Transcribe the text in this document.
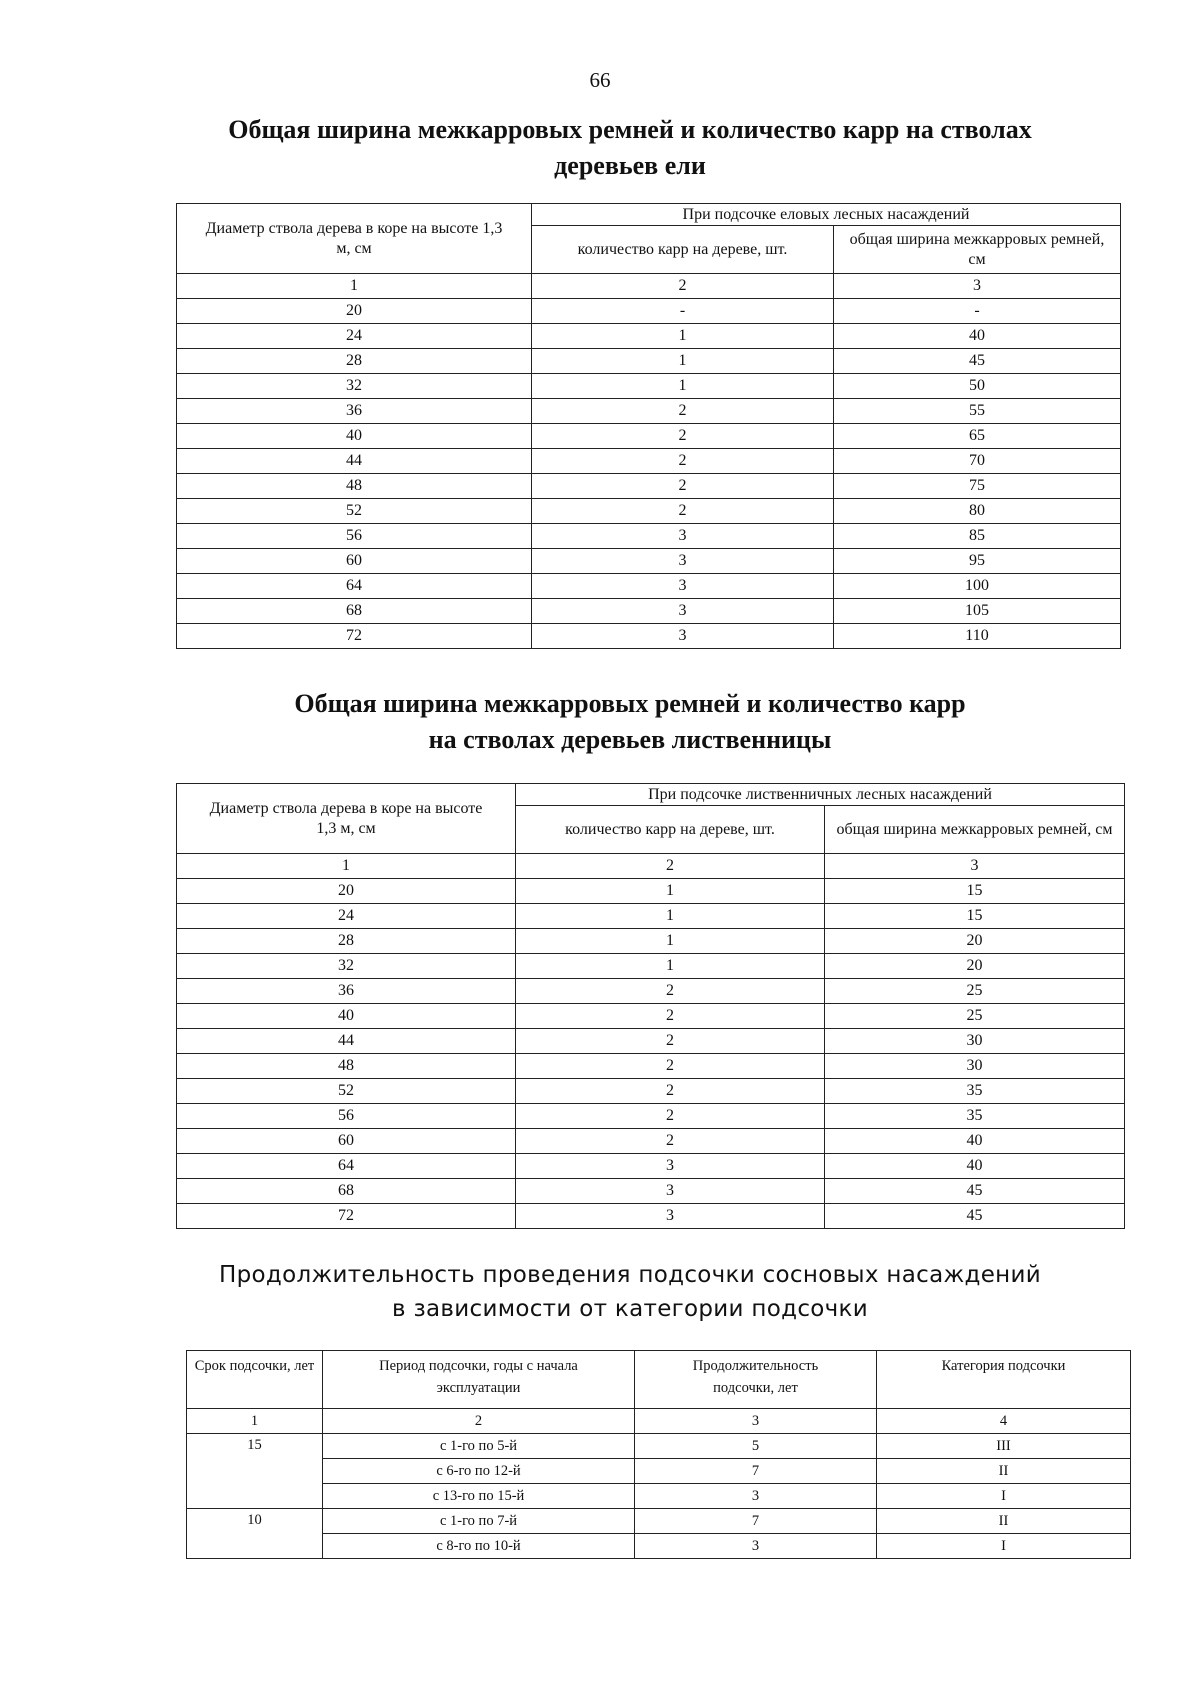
66
Общая ширина межкарровых ремней и количество карр на стволах
деревьев ели
Диаметр ствола дерева в коре на высоте 1,3 м, см	При подсочке еловых лесных насаждений	
	количество карр на дереве, шт.	общая ширина межкарровых ремней, см
1	2	3
20	-	-
24	1	40
28	1	45
32	1	50
36	2	55
40	2	65
44	2	70
48	2	75
52	2	80
56	3	85
60	3	95
64	3	100
68	3	105
72	3	110
Общая ширина межкарровых ремней и количество карр
на стволах деревьев лиственницы
Диаметр ствола дерева в коре на высоте 1,3 м, см	При подсочке лиственничных лесных насаждений	
	количество карр на дереве, шт.	общая ширина межкарровых ремней, см
1	2	3
20	1	15
24	1	15
28	1	20
32	1	20
36	2	25
40	2	25
44	2	30
48	2	30
52	2	35
56	2	35
60	2	40
64	3	40
68	3	45
72	3	45
Продолжительность проведения подсочки сосновых насаждений
в зависимости от категории подсочки
Срок подсочки, лет	Период подсочки, годы с начала эксплуатации	Продолжительность подсочки, лет	Категория подсочки
1	2	3	4
15	с 1-го по 5-й	5	III
	с 6-го по 12-й	7	II
	с 13-го по 15-й	3	I
10	с 1-го по 7-й	7	II
	с 8-го по 10-й	3	I
